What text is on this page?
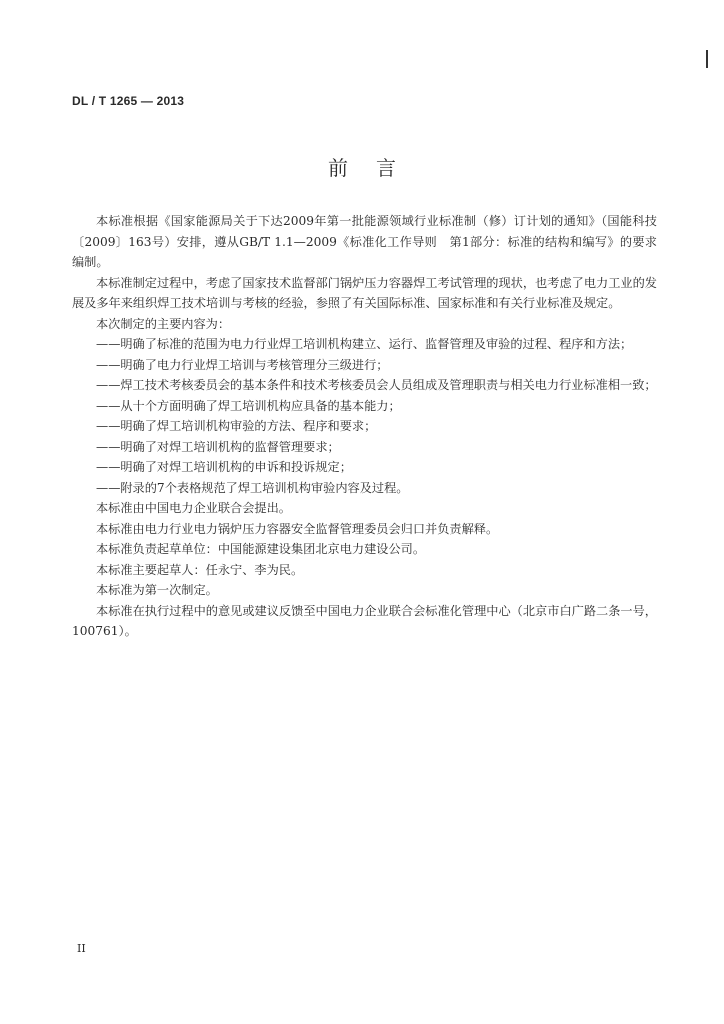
DL / T 1265 — 2013
前言

本标准根据《国家能源局关于下达2009年第一批能源领域行业标准制（修）订计划的通知》（国能科技〔2009〕163号）安排，遵从GB/T 1.1—2009《标准化工作导则　第1部分：标准的结构和编写》的要求编制。

本标准制定过程中，考虑了国家技术监督部门锅炉压力容器焊工考试管理的现状，也考虑了电力工业的发展及多年来组织焊工技术培训与考核的经验，参照了有关国际标准、国家标准和有关行业标准及规定。

本次制定的主要内容为：

——明确了标准的范围为电力行业焊工培训机构建立、运行、监督管理及审验的过程、程序和方法；

——明确了电力行业焊工培训与考核管理分三级进行；

——焊工技术考核委员会的基本条件和技术考核委员会人员组成及管理职责与相关电力行业标准相一致；

——从十个方面明确了焊工培训机构应具备的基本能力；

——明确了焊工培训机构审验的方法、程序和要求；

——明确了对焊工培训机构的监督管理要求；

——明确了对焊工培训机构的申诉和投诉规定；

——附录的7个表格规范了焊工培训机构审验内容及过程。

本标准由中国电力企业联合会提出。

本标准由电力行业电力锅炉压力容器安全监督管理委员会归口并负责解释。

本标准负责起草单位：中国能源建设集团北京电力建设公司。

本标准主要起草人：任永宁、李为民。

本标准为第一次制定。

本标准在执行过程中的意见或建议反馈至中国电力企业联合会标准化管理中心（北京市白广路二条一号，100761）。

II
